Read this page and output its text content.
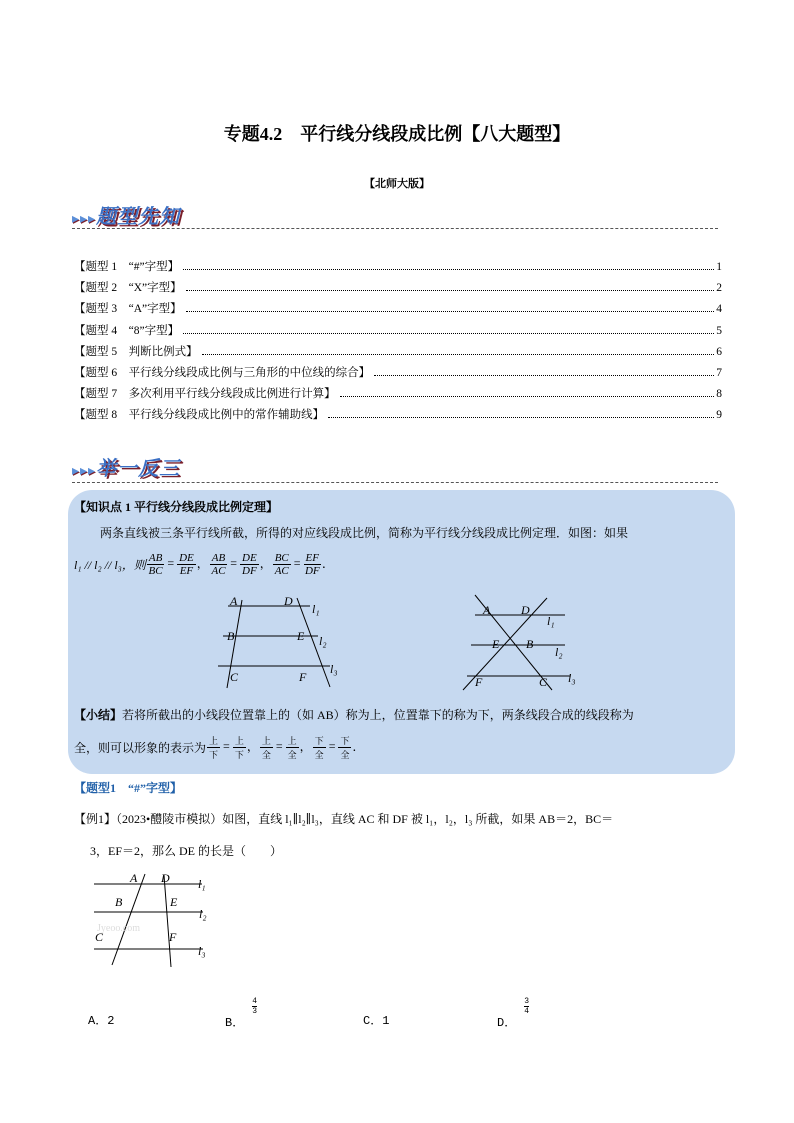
专题4.2　平行线分线段成比例【八大题型】
【北师大版】
▸▸▸题型先知
【题型 1　“#”字型】	1
【题型 2　“X”字型】	2
【题型 3　“A”字型】	4
【题型 4　“8”字型】	5
【题型 5　判断比例式】	6
【题型 6　平行线分线段成比例与三角形的中位线的综合】	7
【题型 7　多次利用平行线分线段成比例进行计算】	8
【题型 8　平行线分线段成比例中的常作辅助线】	9
▸▸▸举一反三
【知识点 1 平行线分线段成比例定理】
两条直线被三条平行线所截，所得的对应线段成比例，简称为平行线分线段成比例定理．如图：如果
l₁ // l₂ // l₃，则 $\frac{AB}{BC} = \frac{DE}{EF}$ ， $\frac{AB}{AC} = \frac{DE}{DF}$ ， $\frac{BC}{AC} = \frac{EF}{DF}$ ．
A	D
B	E
C	F
l₁
l₂
l₃
A	D
E B
F	C
l₁
l₂
l₃
【小结】若将所截出的小线段位置靠上的（如 AB）称为上，位置靠下的称为下，两条线段合成的线段称为
全，则可以形象的表示为 $\frac{\text{上}}{\text{下}} = \frac{\text{上}}{\text{下}}$ ， $\frac{\text{上}}{\text{全}} = \frac{\text{上}}{\text{全}}$ ， $\frac{\text{下}}{\text{全}} = \frac{\text{下}}{\text{全}}$ ．
【题型1　“#”字型】
【例1】（2023•醴陵市模拟）如图，直线 l₁∥l₂∥l₃，直线 AC 和 DF 被 l₁，l₂，l₃ 所截，如果 AB＝2，BC＝
3，EF＝2，那么 DE 的长是（　　）
Jyeoo.com
A D
B	E
C	F
l₁
l₂
l₃
A． 2	B．
$\frac{4}{3}$
C． 1	D．
$\frac{3}{4}$
